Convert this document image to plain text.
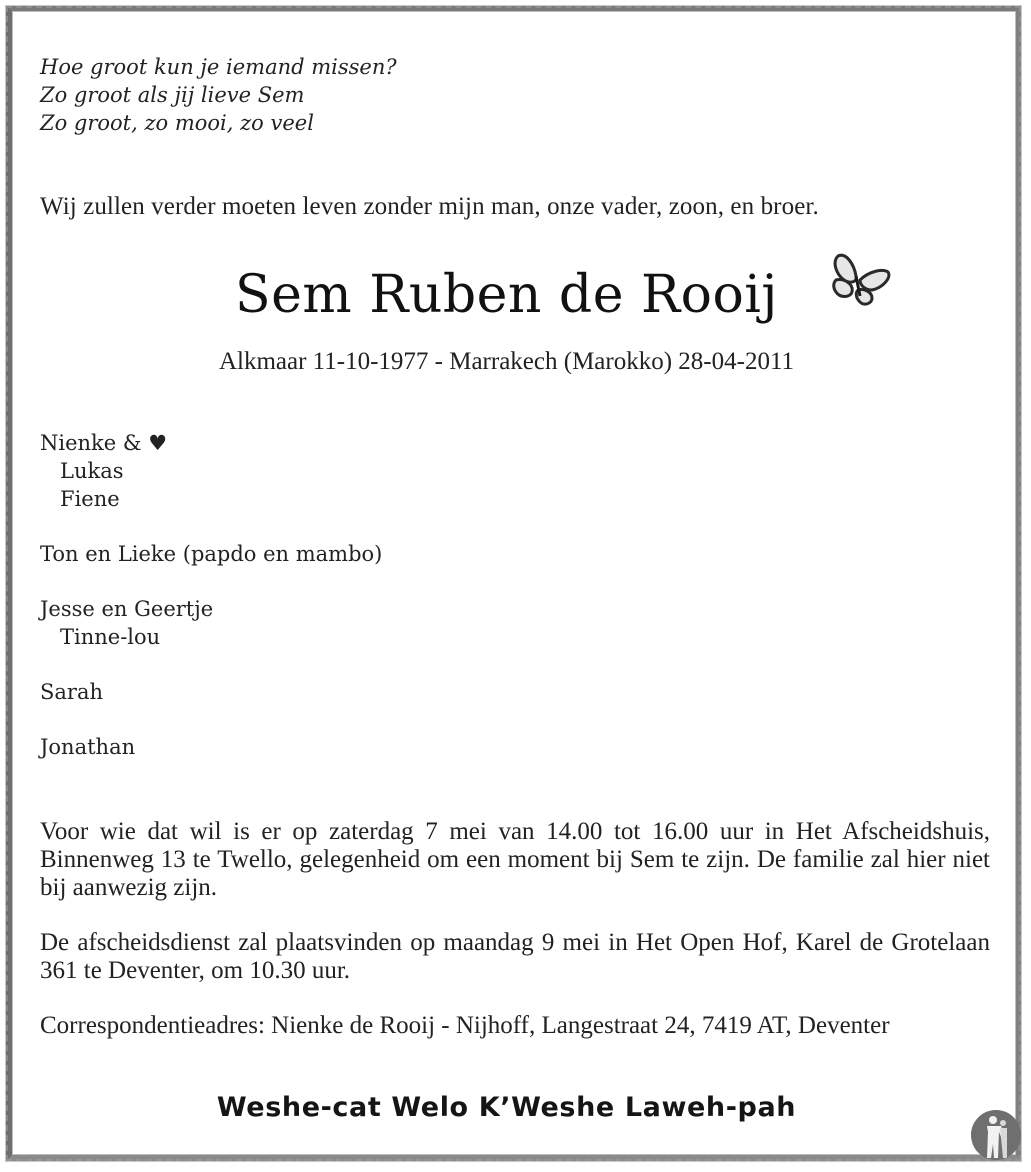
Hoe groot kun je iemand missen?
Zo groot als jij lieve Sem
Zo groot, zo mooi, zo veel
Wij zullen verder moeten leven zonder mijn man, onze vader, zoon, en broer.
Sem Ruben de Rooij
Alkmaar 11-10-1977 - Marrakech (Marokko) 28-04-2011
Nienke & ♥
Lukas
Fiene
Ton en Lieke (papdo en mambo)
Jesse en Geertje
Tinne-lou
Sarah
Jonathan

Voor wie dat wil is er op zaterdag 7 mei van 14.00 tot 16.00 uur in Het Afscheidshuis, Binnenweg 13 te Twello, gelegenheid om een moment bij Sem te zijn. De familie zal hier niet bij aanwezig zijn.

De afscheidsdienst zal plaatsvinden op maandag 9 mei in Het Open Hof, Karel de Grotelaan 361 te Deventer, om 10.30 uur.

Correspondentieadres: Nienke de Rooij - Nijhoff, Langestraat 24, 7419 AT, Deventer

Weshe-cat Welo K’Weshe Laweh-pah
